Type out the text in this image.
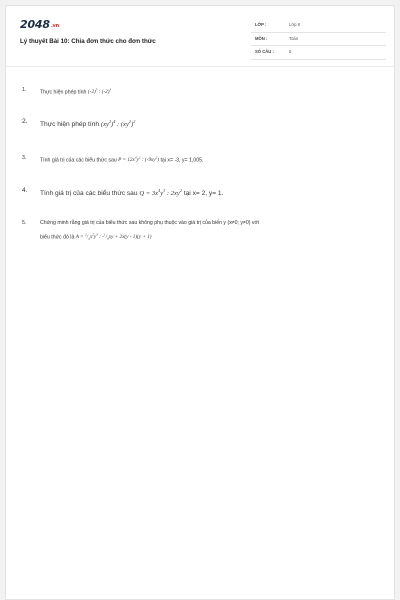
2048.vn
Lý thuyết Bài 10: Chia đơn thức cho đơn thức
LỚP :	Lớp 8
MÔN :	Toán
SỐ CÂU :	5
1.	Thực hiện phép tính $(-2)^5$ : $(-2)^3$
2. Thực hiện phép tính $(xy^2)^4$ : $(xy^2)^2$
3.	Tính giá trị của các biểu thức sau $P = 12x^4y^2$ : $(-9xy^2)$ tại x= -3, y= 1,005.
4. Tính giá trị của các biểu thức sau $Q = 3x^4y^3$ : $2xy^2$ tại x= 2, y= 1.
5.	Chứng minh rằng giá trị của biểu thức sau không phụ thuộc vào giá trị của biến y (x≠0; y≠0) với
biểu thức đó là $A = ^2/_3x^2y^3$ : $-^1/_3xy + 2x(y - 1)(y + 1)$
